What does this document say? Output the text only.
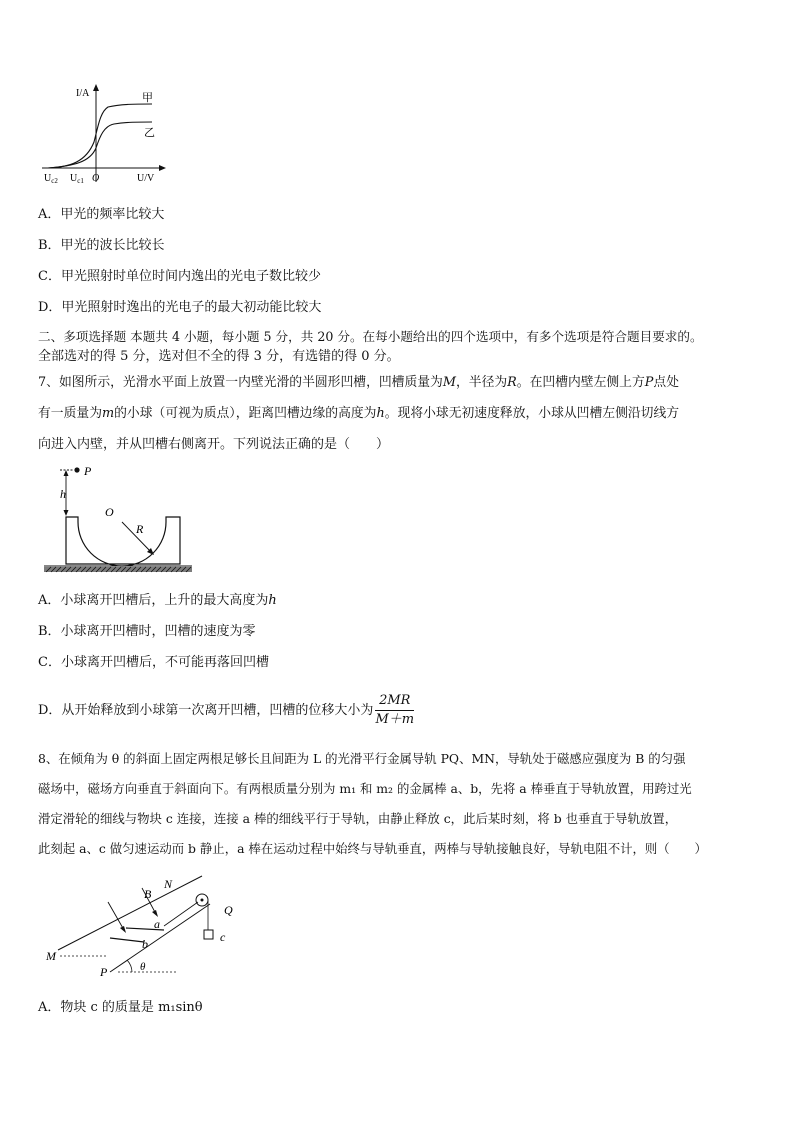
I/A	甲
乙
$U_{c2}$ $U_{c1}$ O	U/V
A．甲光的频率比较大
B．甲光的波长比较长
C．甲光照射时单位时间内逸出的光电子数比较少
D．甲光照射时逸出的光电子的最大初动能比较大
二、多项选择题 本题共 4 小题，每小题 5 分，共 20 分。在每小题给出的四个选项中，有多个选项是符合题目要求的。
全部选对的得 5 分，选对但不全的得 3 分，有选错的得 0 分。
7、如图所示，光滑水平面上放置一内壁光滑的半圆形凹槽，凹槽质量为M，半径为R。在凹槽内壁左侧上方P点处
有一质量为m的小球（可视为质点），距离凹槽边缘的高度为h。现将小球无初速度释放，小球从凹槽左侧沿切线方
向进入内壁，并从凹槽右侧离开。下列说法正确的是（　　）
P
h
O
R
A．小球离开凹槽后，上升的最大高度为h
B．小球离开凹槽时，凹槽的速度为零
C．小球离开凹槽后，不可能再落回凹槽
D．从开始释放到小球第一次离开凹槽，凹槽的位移大小为 $\frac{2MR}{M+m}$
8、在倾角为 θ 的斜面上固定两根足够长且间距为 L 的光滑平行金属导轨 PQ、MN，导轨处于磁感应强度为 B 的匀强
磁场中，磁场方向垂直于斜面向下。有两根质量分别为 m₁ 和 m₂ 的金属棒 a、b，先将 a 棒垂直于导轨放置，用跨过光
滑定滑轮的细线与物块 c 连接，连接 a 棒的细线平行于导轨，由静止释放 c，此后某时刻，将 b 也垂直于导轨放置，
此刻起 a、c 做匀速运动而 b 静止，a 棒在运动过程中始终与导轨垂直，两棒与导轨接触良好，导轨电阻不计，则（　　）
B
N
Q
a
b	c
M
P	θ
A．物块 c 的质量是 m₁sinθ
